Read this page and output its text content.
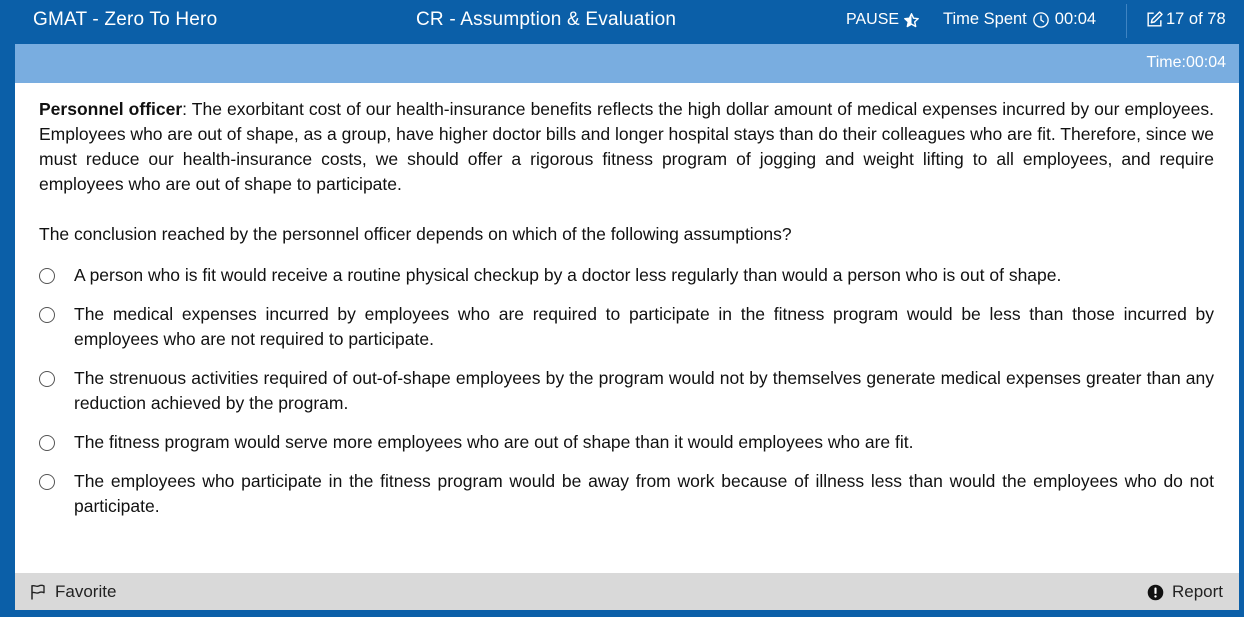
GMAT - Zero To Hero	CR - Assumption & Evaluation	PAUSE	Time Spent 00:04	17 of 78
Time:00:04

Personnel officer: The exorbitant cost of our health-insurance benefits reflects the high dollar amount of medical expenses incurred by our employees. Employees who are out of shape, as a group, have higher doctor bills and longer hospital stays than do their colleagues who are fit. Therefore, since we must reduce our health-insurance costs, we should offer a rigorous fitness program of jogging and weight lifting to all employees, and require employees who are out of shape to participate.

The conclusion reached by the personnel officer depends on which of the following assumptions?

A person who is fit would receive a routine physical checkup by a doctor less regularly than would a person who is out of shape.
The medical expenses incurred by employees who are required to participate in the fitness program would be less than those incurred by employees who are not required to participate.
The strenuous activities required of out-of-shape employees by the program would not by themselves generate medical expenses greater than any reduction achieved by the program.
The fitness program would serve more employees who are out of shape than it would employees who are fit.
The employees who participate in the fitness program would be away from work because of illness less than would the employees who do not participate.
Favorite	Report
